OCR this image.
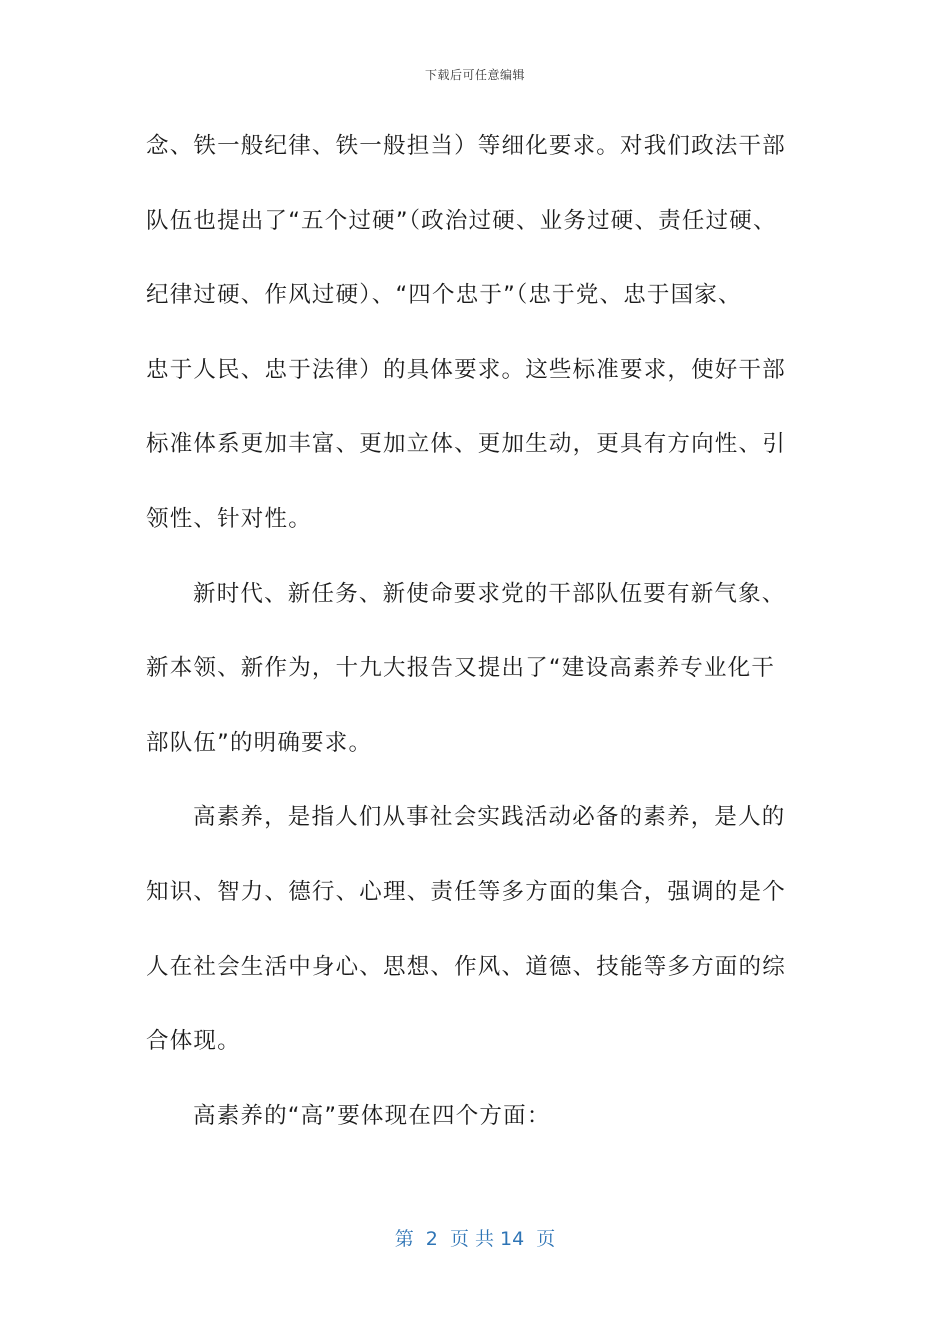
下载后可任意编辑
念、铁一般纪律、铁一般担当）等细化要求。对我们政法干部
队伍也提出了“五个过硬”（政治过硬、业务过硬、责任过硬、
纪律过硬、作风过硬）、“四个忠于”（忠于党、忠于国家、
忠于人民、忠于法律）的具体要求。这些标准要求，使好干部
标准体系更加丰富、更加立体、更加生动，更具有方向性、引
领性、针对性。
新时代、新任务、新使命要求党的干部队伍要有新气象、
新本领、新作为，十九大报告又提出了“建设高素养专业化干
部队伍”的明确要求。
高素养，是指人们从事社会实践活动必备的素养，是人的
知识、智力、德行、心理、责任等多方面的集合，强调的是个
人在社会生活中身心、思想、作风、道德、技能等多方面的综
合体现。
高素养的“高”要体现在四个方面：
第  2  页 共 14  页
